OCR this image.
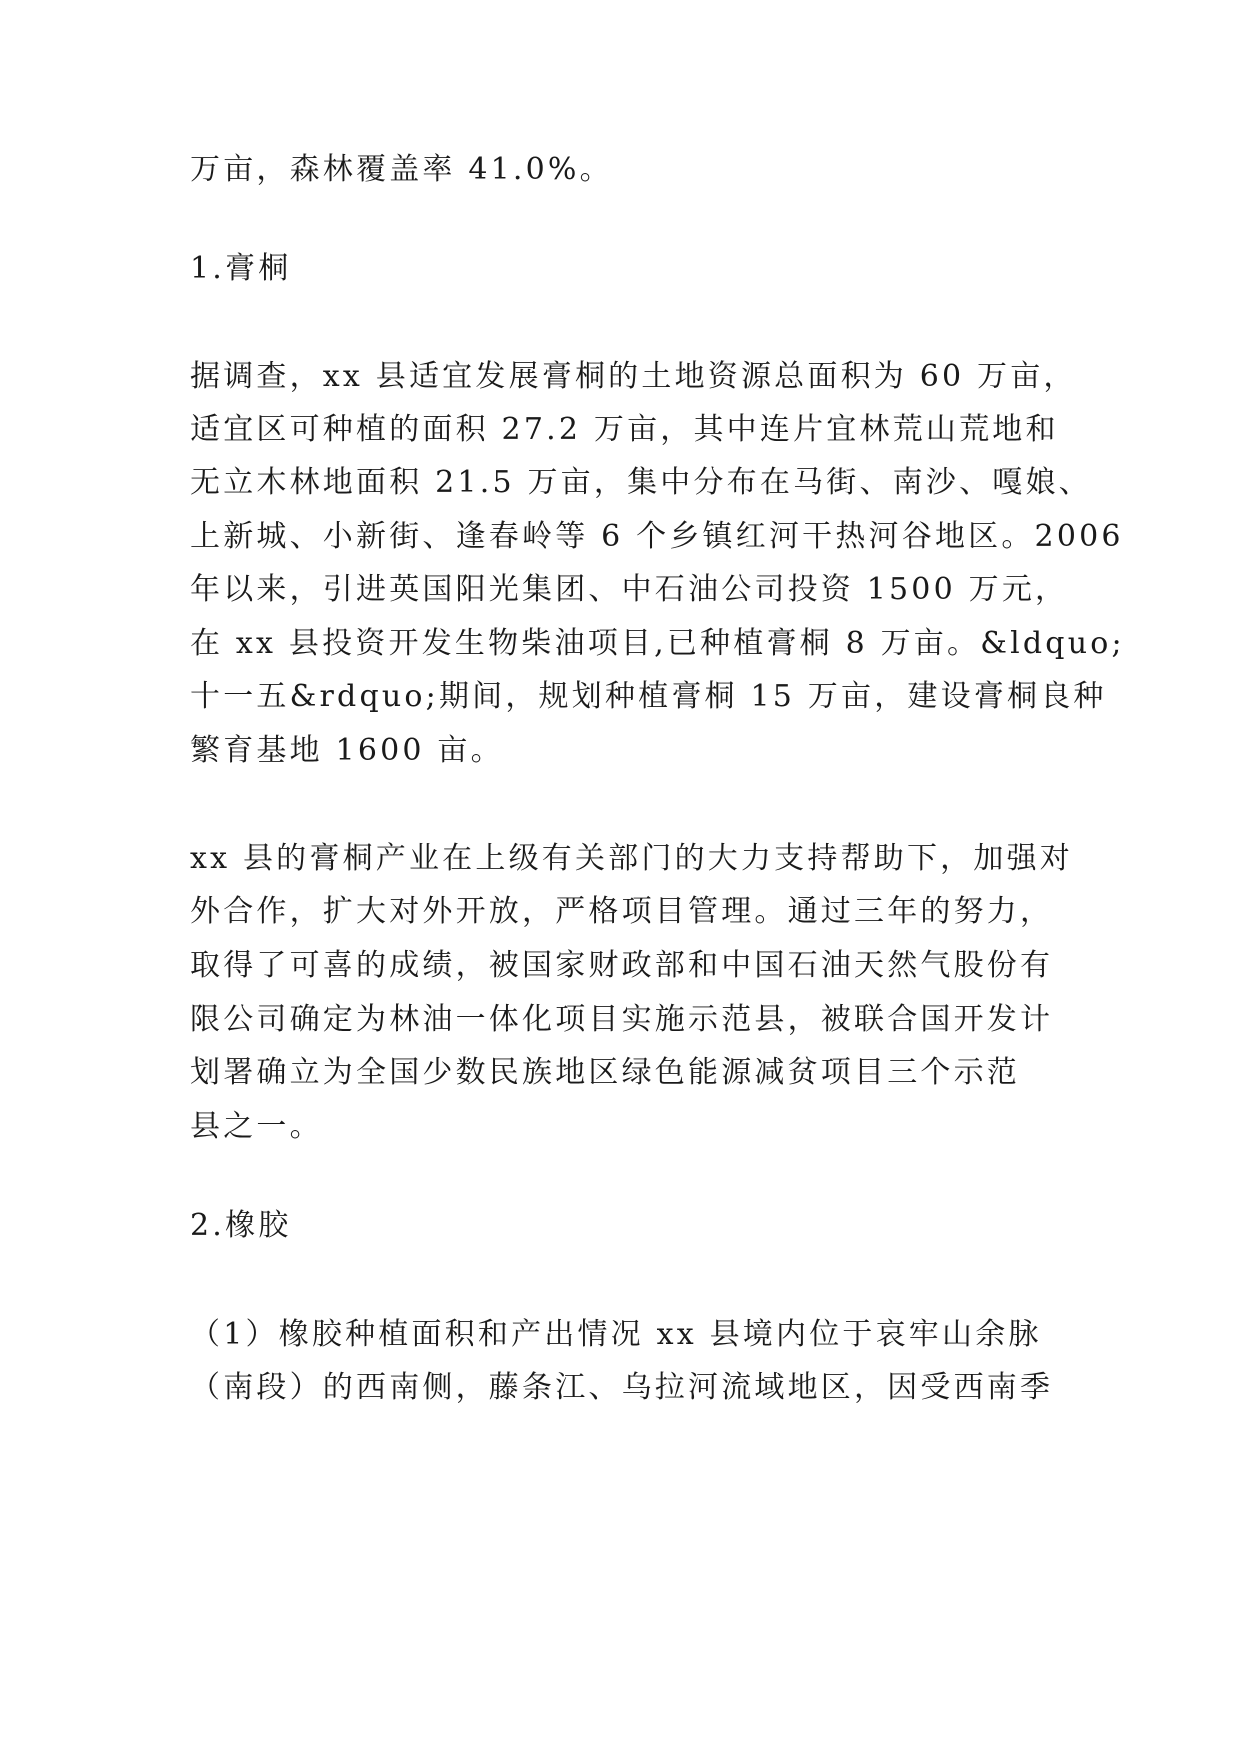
万亩，森林覆盖率 41.0%。
1.膏桐
据调查，xx 县适宜发展膏桐的土地资源总面积为 60 万亩，
适宜区可种植的面积 27.2 万亩，其中连片宜林荒山荒地和
无立木林地面积 21.5 万亩，集中分布在马街、南沙、嘎娘、
上新城、小新街、逢春岭等 6 个乡镇红河干热河谷地区。2006
年以来，引进英国阳光集团、中石油公司投资 1500 万元，
在 xx 县投资开发生物柴油项目,已种植膏桐 8 万亩。&ldquo;
十一五&rdquo;期间，规划种植膏桐 15 万亩，建设膏桐良种
繁育基地 1600 亩。
xx 县的膏桐产业在上级有关部门的大力支持帮助下，加强对
外合作，扩大对外开放，严格项目管理。通过三年的努力，
取得了可喜的成绩，被国家财政部和中国石油天然气股份有
限公司确定为林油一体化项目实施示范县，被联合国开发计
划署确立为全国少数民族地区绿色能源减贫项目三个示范
县之一。
2.橡胶
（1）橡胶种植面积和产出情况 xx 县境内位于哀牢山余脉
（南段）的西南侧，藤条江、乌拉河流域地区，因受西南季
